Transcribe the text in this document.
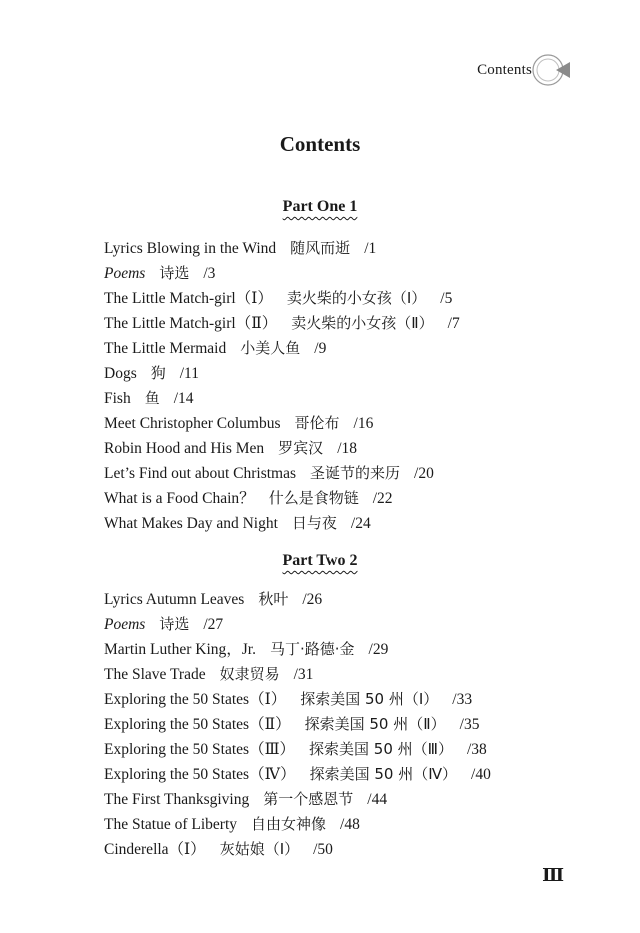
Contents
Contents
Part One 1
Lyrics Blowing in the Wind 随风而逝 /1
Poems 诗选 /3
The Little Match-girl（Ⅰ） 卖火柴的小女孩（Ⅰ） /5
The Little Match-girl（Ⅱ） 卖火柴的小女孩（Ⅱ） /7
The Little Mermaid 小美人鱼 /9
Dogs 狗 /11
Fish 鱼 /14
Meet Christopher Columbus 哥伦布 /16
Robin Hood and His Men 罗宾汉 /18
Let’s Find out about Christmas 圣诞节的来历 /20
What is a Food Chain？ 什么是食物链 /22
What Makes Day and Night 日与夜 /24
Part Two 2
Lyrics Autumn Leaves 秋叶 /26
Poems 诗选 /27
Martin Luther King，Jr. 马丁·路德·金 /29
The Slave Trade 奴隶贸易 /31
Exploring the 50 States（Ⅰ） 探索美国 50 州（Ⅰ） /33
Exploring the 50 States（Ⅱ） 探索美国 50 州（Ⅱ） /35
Exploring the 50 States（Ⅲ） 探索美国 50 州（Ⅲ） /38
Exploring the 50 States（Ⅳ） 探索美国 50 州（Ⅳ） /40
The First Thanksgiving 第一个感恩节 /44
The Statue of Liberty 自由女神像 /48
Cinderella（Ⅰ） 灰姑娘（Ⅰ） /50
Ⅲ
